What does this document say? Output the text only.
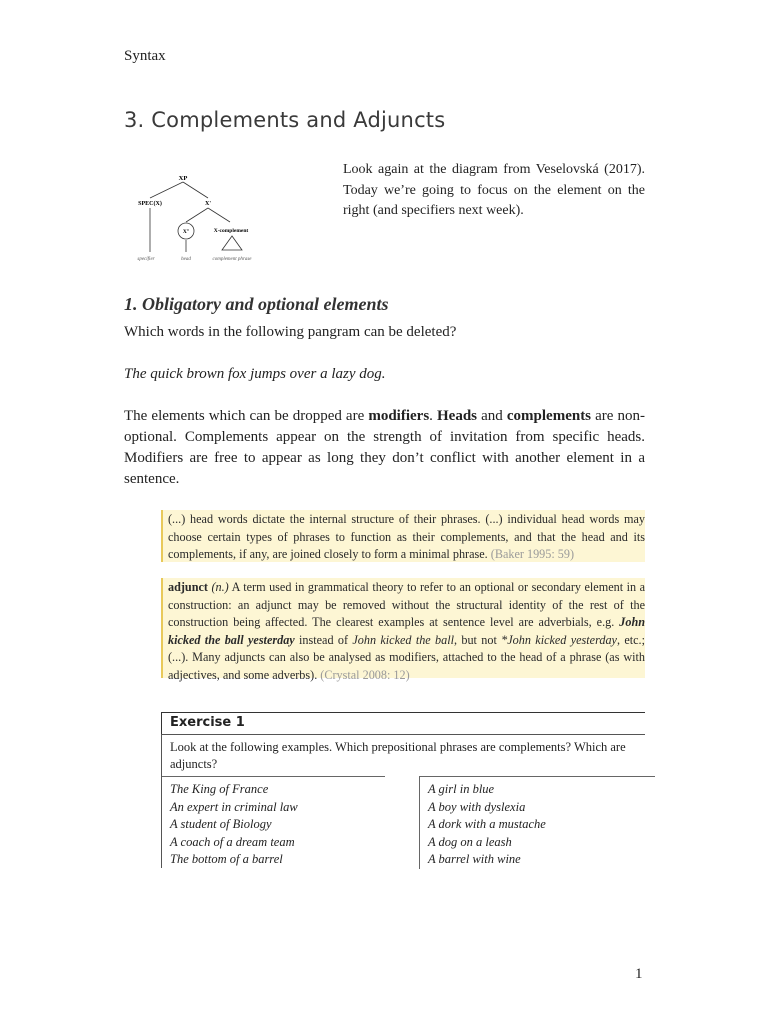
Syntax
3. Complements and Adjuncts
XP
SPEC(X)	X'
X°	X-complement
specifier	head	complement phrase
Look again at the diagram from Veselovská (2017). Today we’re going to focus on the element on the right (and specifiers next week).
1. Obligatory and optional elements
Which words in the following pangram can be deleted?
The quick brown fox jumps over a lazy dog.
The elements which can be dropped are modifiers. Heads and complements are non-optional. Complements appear on the strength of invitation from specific heads. Modifiers are free to appear as long they don’t conflict with another element in a sentence.
(...) head words dictate the internal structure of their phrases. (...) individual head words may choose certain types of phrases to function as their complements, and that the head and its complements, if any, are joined closely to form a minimal phrase. (Baker 1995: 59)
adjunct (n.) A term used in grammatical theory to refer to an optional or secondary element in a construction: an adjunct may be removed without the structural identity of the rest of the construction being affected. The clearest examples at sentence level are adverbials, e.g. John kicked the ball yesterday instead of John kicked the ball, but not *John kicked yesterday, etc.; (...). Many adjuncts can also be analysed as modifiers, attached to the head of a phrase (as with adjectives, and some adverbs). (Crystal 2008: 12)
Exercise 1
Look at the following examples. Which prepositional phrases are complements? Which are adjuncts?
The King of France
An expert in criminal law
A student of Biology
A coach of a dream team
The bottom of a barrel
A girl in blue
A boy with dyslexia
A dork with a mustache
A dog on a leash
A barrel with wine
1
